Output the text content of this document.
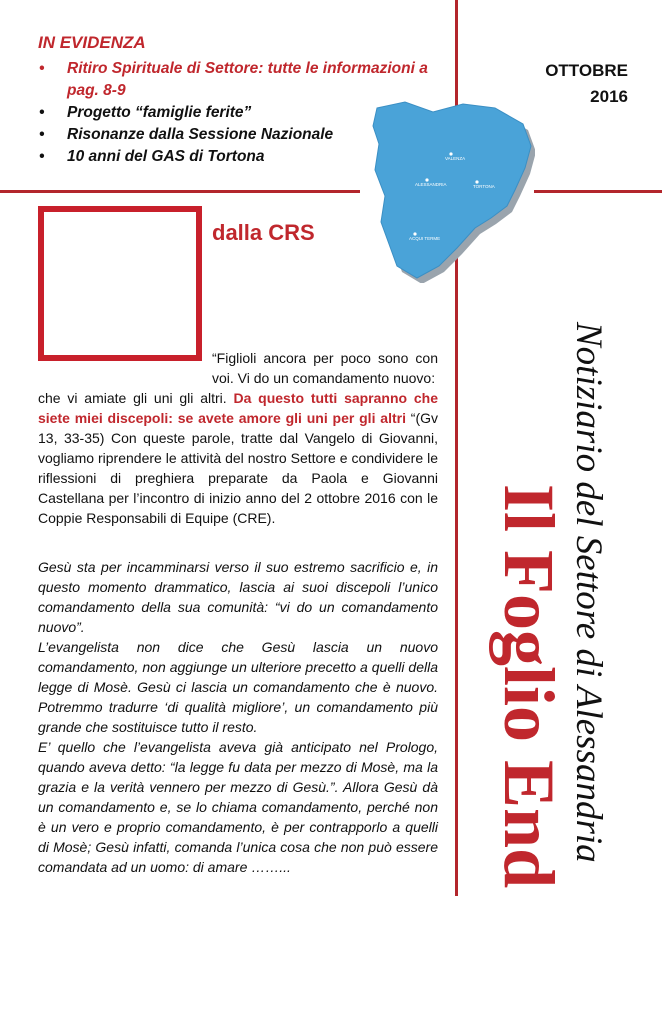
IN EVIDENZA
• Ritiro Spirituale di Settore: tutte le informazioni a pag. 8-9
• Progetto “famiglie ferite”
• Risonanze dalla Sessione Nazionale
• 10 anni del GAS di Tortona
OTTOBRE
2016
VALENZA
ALESSANDRIA	TORTONA
ACQUI TERME
dalla CRS
“Figlioli ancora per poco sono con voi. Vi do un comandamento nuovo:
che vi amiate gli uni gli altri. Da questo tutti sapranno che siete miei discepoli: se avete amore gli uni per gli altri “(Gv 13, 33-35) Con queste parole, tratte dal Vangelo di Giovanni, vogliamo riprendere le attività del nostro Settore e condividere le riflessioni di preghiera preparate da Paola e Giovanni Castellana per l’incontro di inizio anno del 2 ottobre 2016 con le Coppie Responsabili di Equipe (CRE).

Gesù sta per incamminarsi verso il suo estremo sacrificio e, in questo momento drammatico, lascia ai suoi discepoli l’unico comandamento della sua comunità: “vi do un comandamento nuovo”.

L’evangelista non dice che Gesù lascia un nuovo comandamento, non aggiunge un ulteriore precetto a quelli della legge di Mosè. Gesù ci lascia un comandamento che è nuovo. Potremmo tradurre ‘di qualità migliore’, un comandamento più grande che sostituisce tutto il resto.

E’ quello che l’evangelista aveva già anticipato nel Prologo, quando aveva detto: “la legge fu data per mezzo di Mosè, ma la grazia e la verità vennero per mezzo di Gesù.”. Allora Gesù dà un comandamento e, se lo chiama comandamento, perché non è un vero e proprio comandamento, è per contrapporlo a quelli di Mosè; Gesù infatti, comanda l’unica cosa che non può essere comandata ad un uomo: di amare ……...

Notiziario del Settore di Alessandria
Il Foglio End
